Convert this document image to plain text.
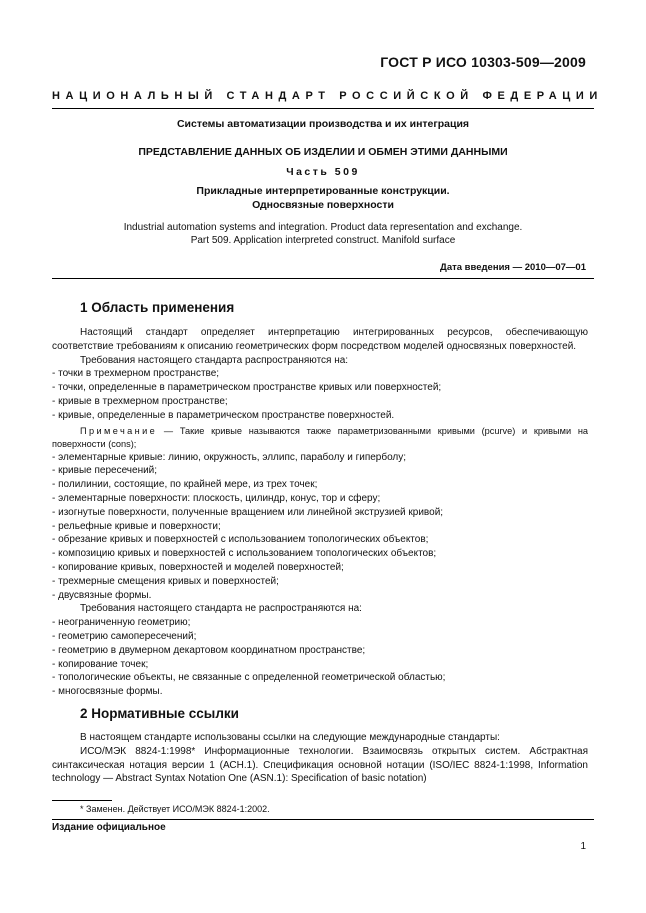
ГОСТ Р ИСО 10303-509—2009
НАЦИОНАЛЬНЫЙ СТАНДАРТ РОССИЙСКОЙ ФЕДЕРАЦИИ
Системы автоматизации производства и их интеграция
ПРЕДСТАВЛЕНИЕ ДАННЫХ ОБ ИЗДЕЛИИ И ОБМЕН ЭТИМИ ДАННЫМИ
Часть 509
Прикладные интерпретированные конструкции.
Односвязные поверхности
Industrial automation systems and integration. Product data representation and exchange.
Part 509. Application interpreted construct. Manifold surface
Дата введения — 2010—07—01
1 Область применения

Настоящий стандарт определяет интерпретацию интегрированных ресурсов, обеспечивающую соответствие требованиям к описанию геометрических форм посредством моделей односвязных поверхностей.

Требования настоящего стандарта распространяются на:

- точки в трехмерном пространстве;

- точки, определенные в параметрическом пространстве кривых или поверхностей;

- кривые в трехмерном пространстве;

- кривые, определенные в параметрическом пространстве поверхностей.

Примечание — Такие кривые называются также параметризованными кривыми (pcurve) и кривыми на поверхности (cons);

- элементарные кривые: линию, окружность, эллипс, параболу и гиперболу;

- кривые пересечений;

- полилинии, состоящие, по крайней мере, из трех точек;

- элементарные поверхности: плоскость, цилиндр, конус, тор и сферу;

- изогнутые поверхности, полученные вращением или линейной экструзией кривой;

- рельефные кривые и поверхности;

- обрезание кривых и поверхностей с использованием топологических объектов;

- композицию кривых и поверхностей с использованием топологических объектов;

- копирование кривых, поверхностей и моделей поверхностей;

- трехмерные смещения кривых и поверхностей;

- двусвязные формы.

Требования настоящего стандарта не распространяются на:

- неограниченную геометрию;

- геометрию самопересечений;

- геометрию в двумерном декартовом координатном пространстве;

- копирование точек;

- топологические объекты, не связанные с определенной геометрической областью;

- многосвязные формы.

2 Нормативные ссылки

В настоящем стандарте использованы ссылки на следующие международные стандарты:

ИСО/МЭК 8824-1:1998* Информационные технологии. Взаимосвязь открытых систем. Абстрактная синтаксическая нотация версии 1 (АСН.1). Спецификация основной нотации (ISO/IEC 8824-1:1998, Information technology — Abstract Syntax Notation One (ASN.1): Specification of basic notation)

* Заменен. Действует ИСО/МЭК 8824-1:2002.
Издание официальное
1
